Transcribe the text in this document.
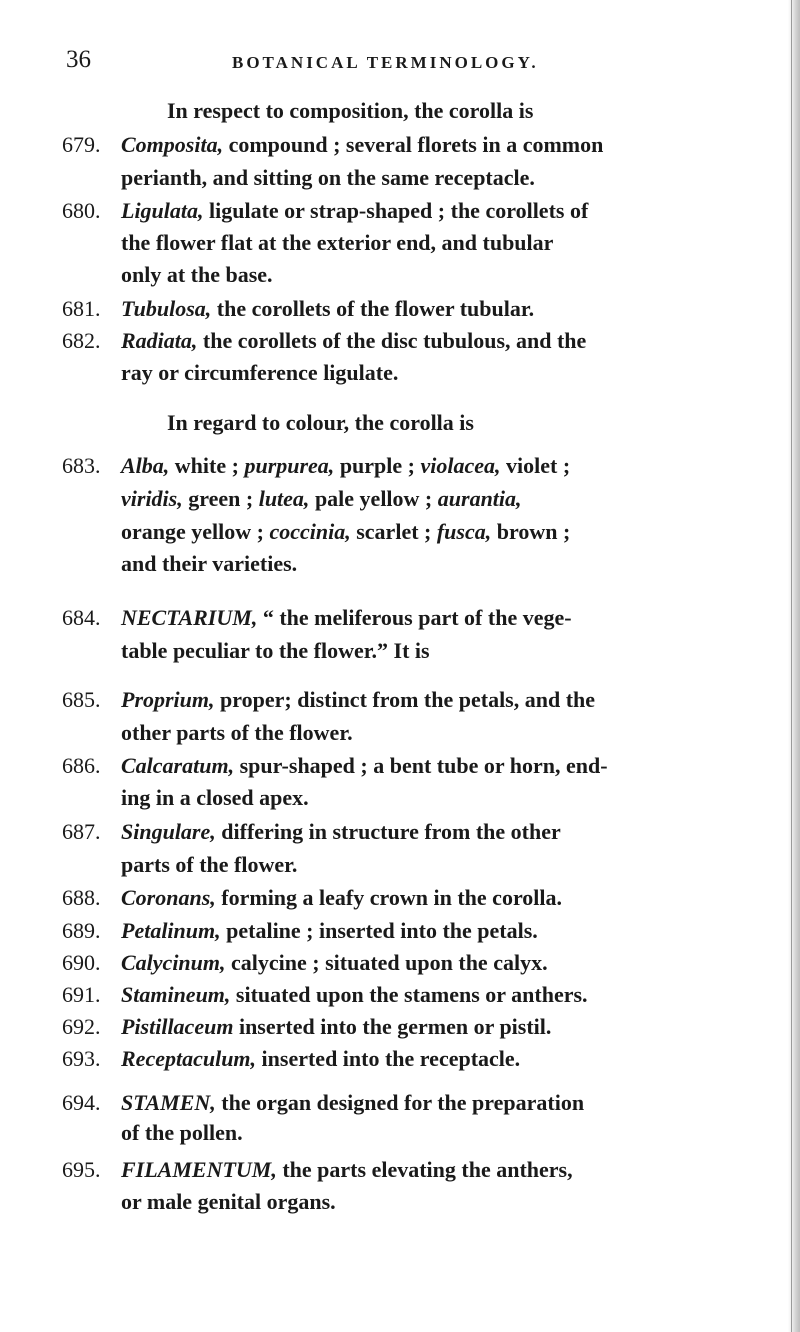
36	BOTANICAL TERMINOLOGY.
In respect to composition, the corolla is
679. Composita, compound ; several florets in a common
perianth, and sitting on the same receptacle.
680. Ligulata, ligulate or strap-shaped ; the corollets of
the flower flat at the exterior end, and tubular
only at the base.
681. Tubulosa, the corollets of the flower tubular.
682. Radiata, the corollets of the disc tubulous, and the
ray or circumference ligulate.
In regard to colour, the corolla is
683. Alba, white ; purpurea, purple ; violacea, violet ;
viridis, green ; lutea, pale yellow ; aurantia,
orange yellow ; coccinia, scarlet ; fusca, brown ;
and their varieties.
684. NECTARIUM, “ the meliferous part of the vege-
table peculiar to the flower.” It is
685. Proprium, proper; distinct from the petals, and the
other parts of the flower.
686. Calcaratum, spur-shaped ; a bent tube or horn, end-
ing in a closed apex.
687. Singulare, differing in structure from the other
parts of the flower.
688. Coronans, forming a leafy crown in the corolla.
689. Petalinum, petaline ; inserted into the petals.
690. Calycinum, calycine ; situated upon the calyx.
691. Stamineum, situated upon the stamens or anthers.
692. Pistillaceum inserted into the germen or pistil.
693. Receptaculum, inserted into the receptacle.
694. STAMEN, the organ designed for the preparation
of the pollen.
695. FILAMENTUM, the parts elevating the anthers,
or male genital organs.
